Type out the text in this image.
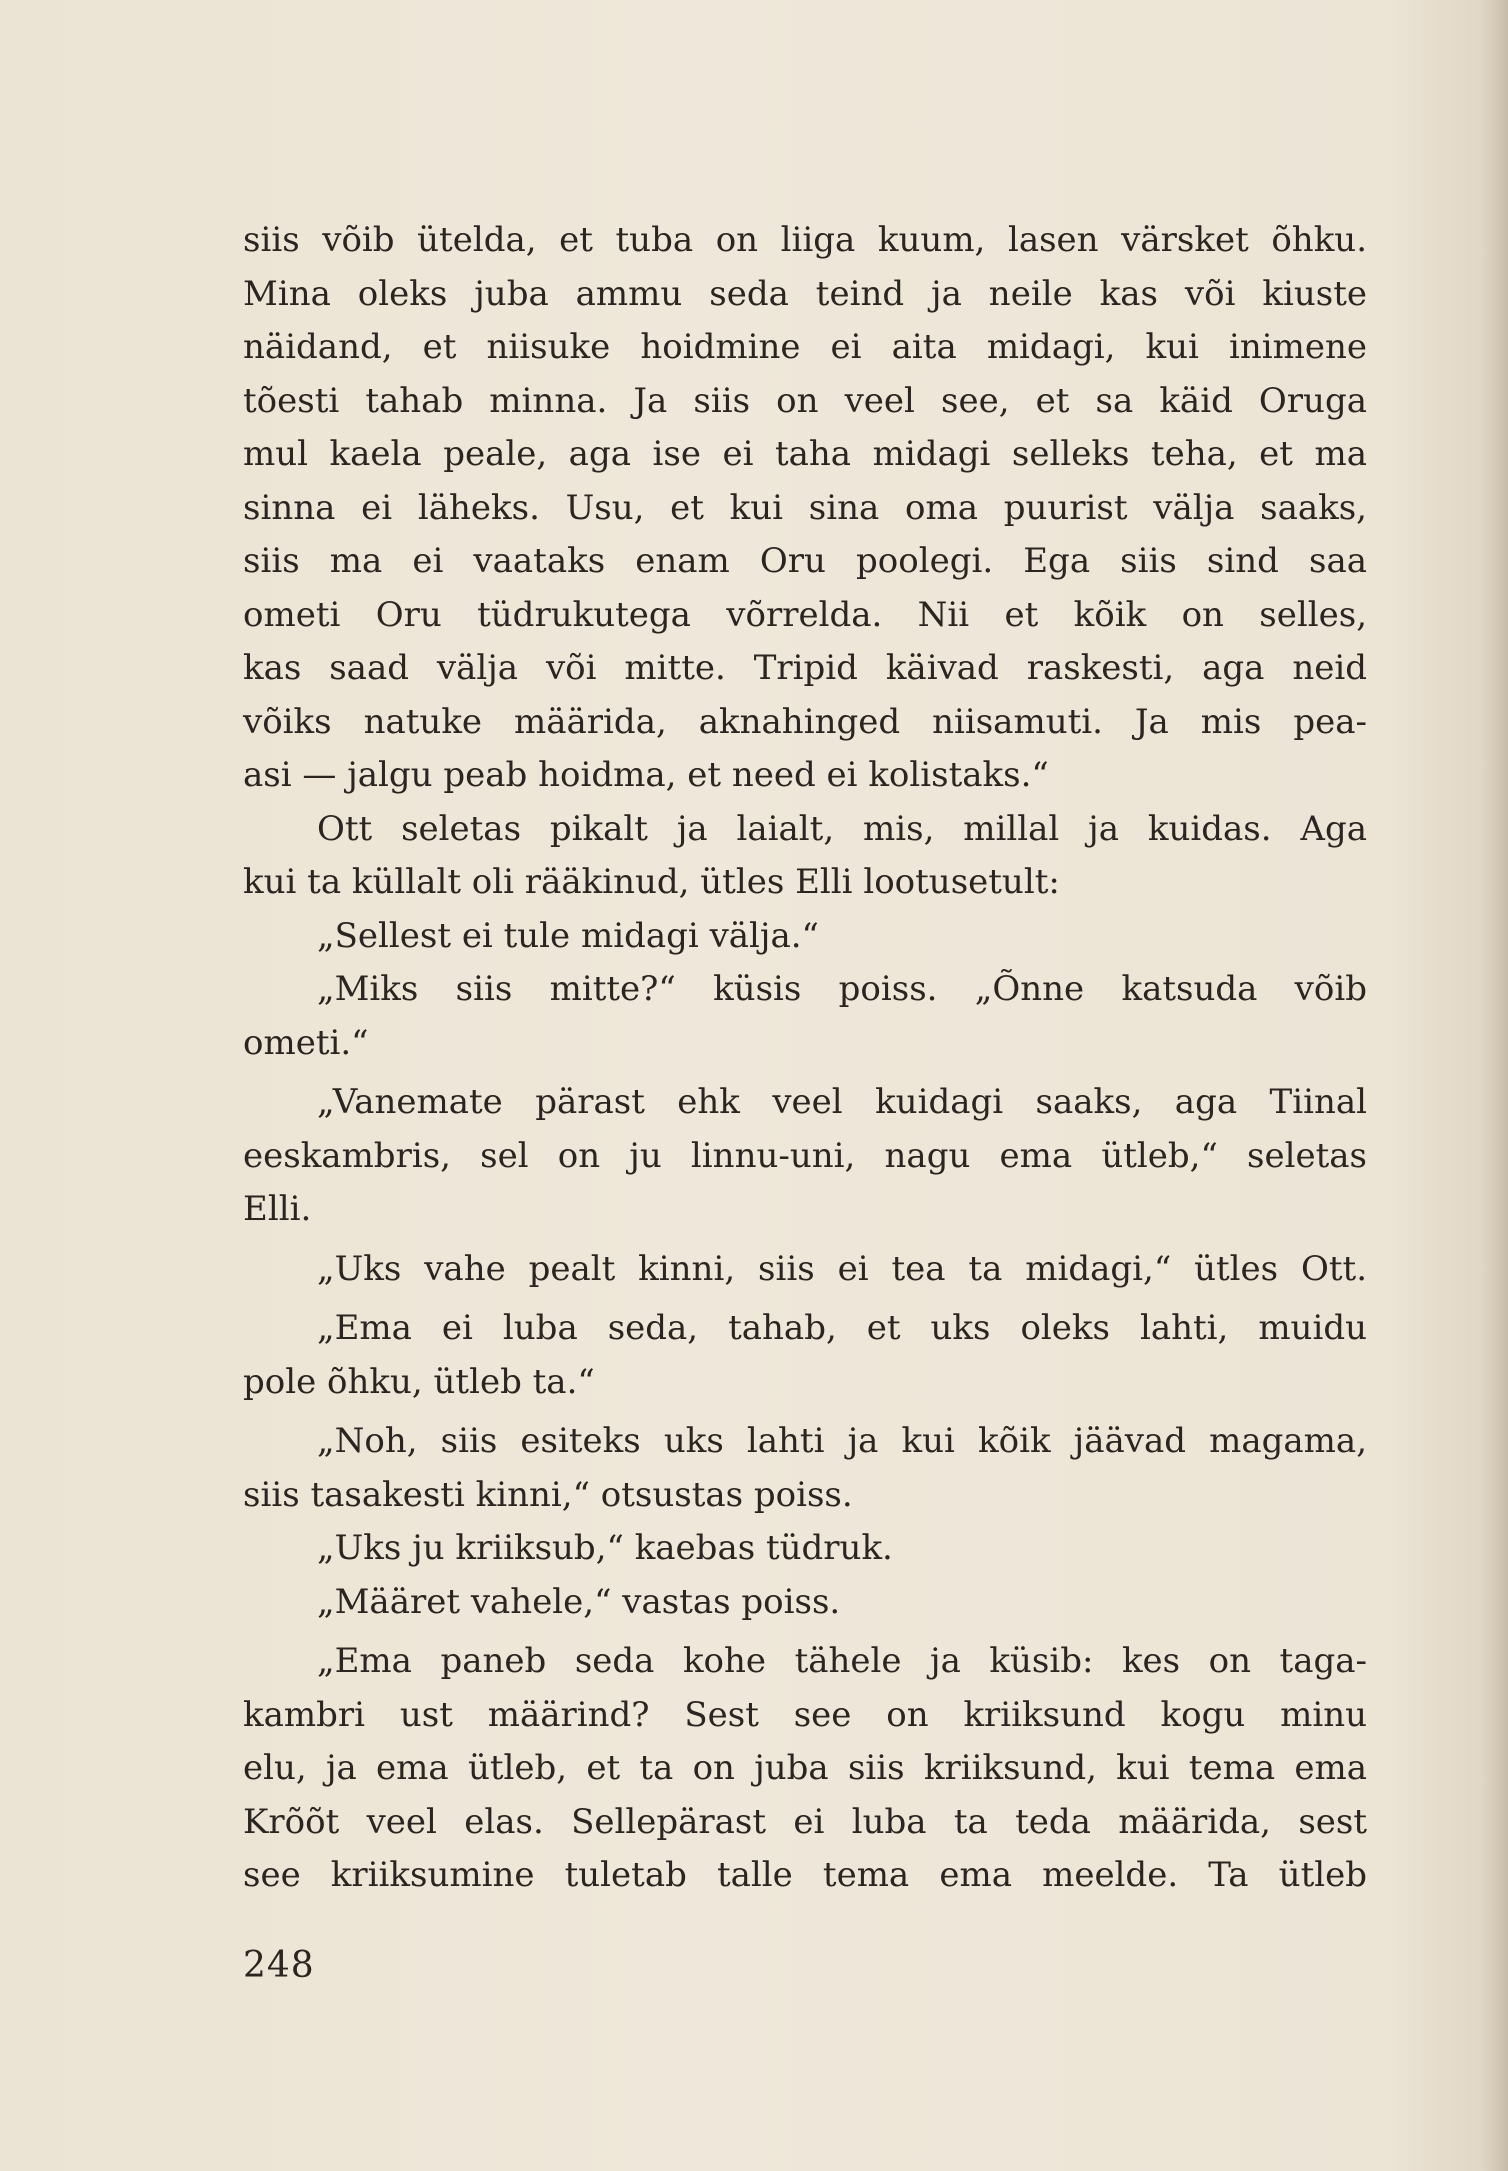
siis võib ütelda, et tuba on liiga kuum, lasen värsket õhku.
Mina oleks juba ammu seda teind ja neile kas või kiuste
näidand, et niisuke hoidmine ei aita midagi, kui inimene
tõesti tahab minna. Ja siis on veel see, et sa käid Oruga
mul kaela peale, aga ise ei taha midagi selleks teha, et ma
sinna ei läheks. Usu, et kui sina oma puurist välja saaks,
siis ma ei vaataks enam Oru poolegi. Ega siis sind saa
ometi Oru tüdrukutega võrrelda. Nii et kõik on selles,
kas saad välja või mitte. Tripid käivad raskesti, aga neid
võiks natuke määrida, aknahinged niisamuti. Ja mis pea-
asi — jalgu peab hoidma, et need ei kolistaks.“
Ott seletas pikalt ja laialt, mis, millal ja kuidas. Aga
kui ta küllalt oli rääkinud, ütles Elli lootusetult:
„Sellest ei tule midagi välja.“
„Miks siis mitte?“ küsis poiss. „Õnne katsuda võib
ometi.“
„Vanemate pärast ehk veel kuidagi saaks, aga Tiinal
eeskambris, sel on ju linnu-uni, nagu ema ütleb,“ seletas
Elli.
„Uks vahe pealt kinni, siis ei tea ta midagi,“ ütles Ott.
„Ema ei luba seda, tahab, et uks oleks lahti, muidu
pole õhku, ütleb ta.“
„Noh, siis esiteks uks lahti ja kui kõik jäävad magama,
siis tasakesti kinni,“ otsustas poiss.
„Uks ju kriiksub,“ kaebas tüdruk.
„Määret vahele,“ vastas poiss.
„Ema paneb seda kohe tähele ja küsib: kes on taga-
kambri ust määrind? Sest see on kriiksund kogu minu
elu, ja ema ütleb, et ta on juba siis kriiksund, kui tema ema
Krõõt veel elas. Sellepärast ei luba ta teda määrida, sest
see kriiksumine tuletab talle tema ema meelde. Ta ütleb
248
